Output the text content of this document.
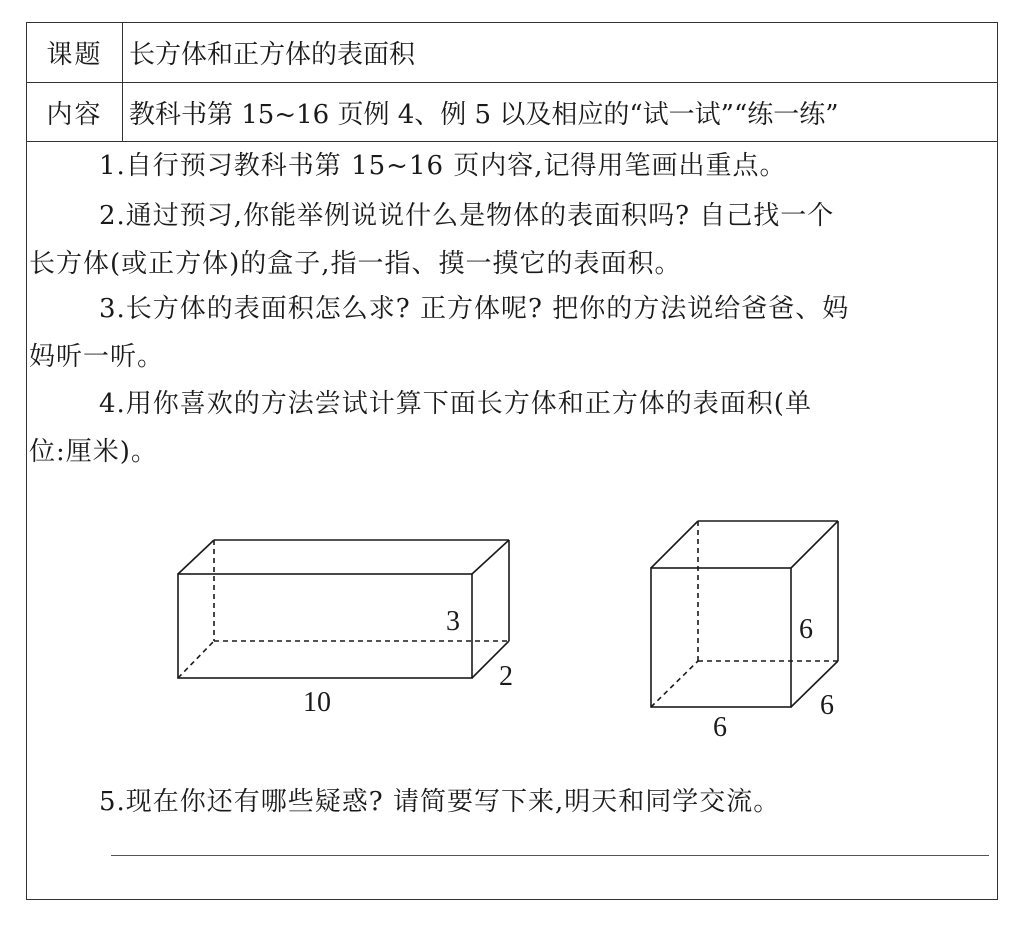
课题	长方体和正方体的表面积
内容	教科书第 15~16 页例 4、例 5 以及相应的“试一试”“练一练”
1.自行预习教科书第 15~16 页内容,记得用笔画出重点。
2.通过预习,你能举例说说什么是物体的表面积吗? 自己找一个
长方体(或正方体)的盒子,指一指、摸一摸它的表面积。
3.长方体的表面积怎么求? 正方体呢? 把你的方法说给爸爸、妈
妈听一听。
4.用你喜欢的方法尝试计算下面长方体和正方体的表面积(单
位:厘米)。
3
2
10
6
6
6
5.现在你还有哪些疑惑? 请简要写下来,明天和同学交流。
